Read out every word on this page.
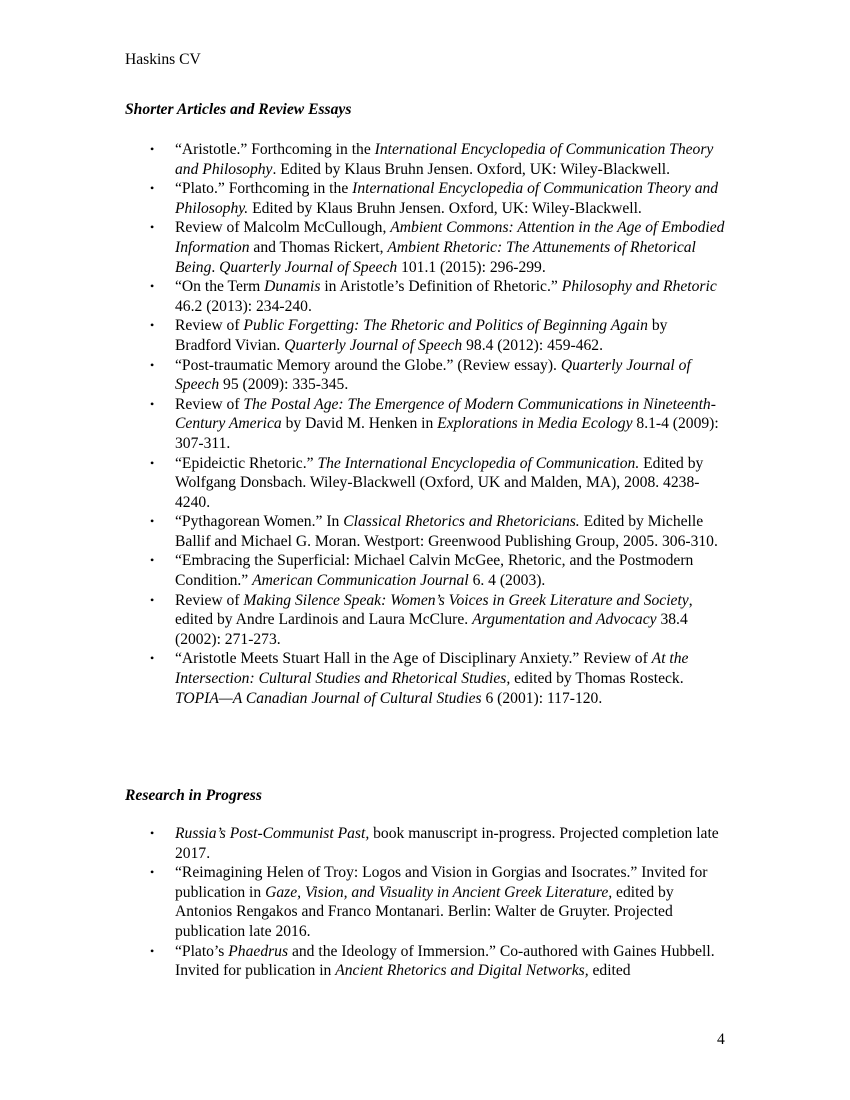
Haskins CV
Shorter Articles and Review Essays
• “Aristotle.” Forthcoming in the International Encyclopedia of Communication Theory and Philosophy. Edited by Klaus Bruhn Jensen. Oxford, UK: Wiley-Blackwell.
• “Plato.” Forthcoming in the International Encyclopedia of Communication Theory and Philosophy. Edited by Klaus Bruhn Jensen. Oxford, UK: Wiley-Blackwell.
• Review of Malcolm McCullough, Ambient Commons: Attention in the Age of Embodied Information and Thomas Rickert, Ambient Rhetoric: The Attunements of Rhetorical Being. Quarterly Journal of Speech 101.1 (2015): 296-299.
• “On the Term Dunamis in Aristotle’s Definition of Rhetoric.” Philosophy and Rhetoric 46.2 (2013): 234-240.
• Review of Public Forgetting: The Rhetoric and Politics of Beginning Again by Bradford Vivian. Quarterly Journal of Speech 98.4 (2012): 459-462.
• “Post-traumatic Memory around the Globe.” (Review essay). Quarterly Journal of Speech 95 (2009): 335-345.
• Review of The Postal Age: The Emergence of Modern Communications in Nineteenth-Century America by David M. Henken in Explorations in Media Ecology 8.1-4 (2009): 307-311.
• “Epideictic Rhetoric.” The International Encyclopedia of Communication. Edited by Wolfgang Donsbach. Wiley-Blackwell (Oxford, UK and Malden, MA), 2008. 4238-4240.
• “Pythagorean Women.” In Classical Rhetorics and Rhetoricians. Edited by Michelle Ballif and Michael G. Moran. Westport: Greenwood Publishing Group, 2005. 306-310.
• “Embracing the Superficial: Michael Calvin McGee, Rhetoric, and the Postmodern Condition.” American Communication Journal 6. 4 (2003).
• Review of Making Silence Speak: Women’s Voices in Greek Literature and Society, edited by Andre Lardinois and Laura McClure. Argumentation and Advocacy 38.4 (2002): 271-273.
• “Aristotle Meets Stuart Hall in the Age of Disciplinary Anxiety.” Review of At the Intersection: Cultural Studies and Rhetorical Studies, edited by Thomas Rosteck. TOPIA—A Canadian Journal of Cultural Studies 6 (2001): 117-120.
Research in Progress
• Russia’s Post-Communist Past, book manuscript in-progress. Projected completion late 2017.
• “Reimagining Helen of Troy: Logos and Vision in Gorgias and Isocrates.” Invited for publication in Gaze, Vision, and Visuality in Ancient Greek Literature, edited by Antonios Rengakos and Franco Montanari. Berlin: Walter de Gruyter. Projected publication late 2016.
• “Plato’s Phaedrus and the Ideology of Immersion.” Co-authored with Gaines Hubbell. Invited for publication in Ancient Rhetorics and Digital Networks, edited
4
